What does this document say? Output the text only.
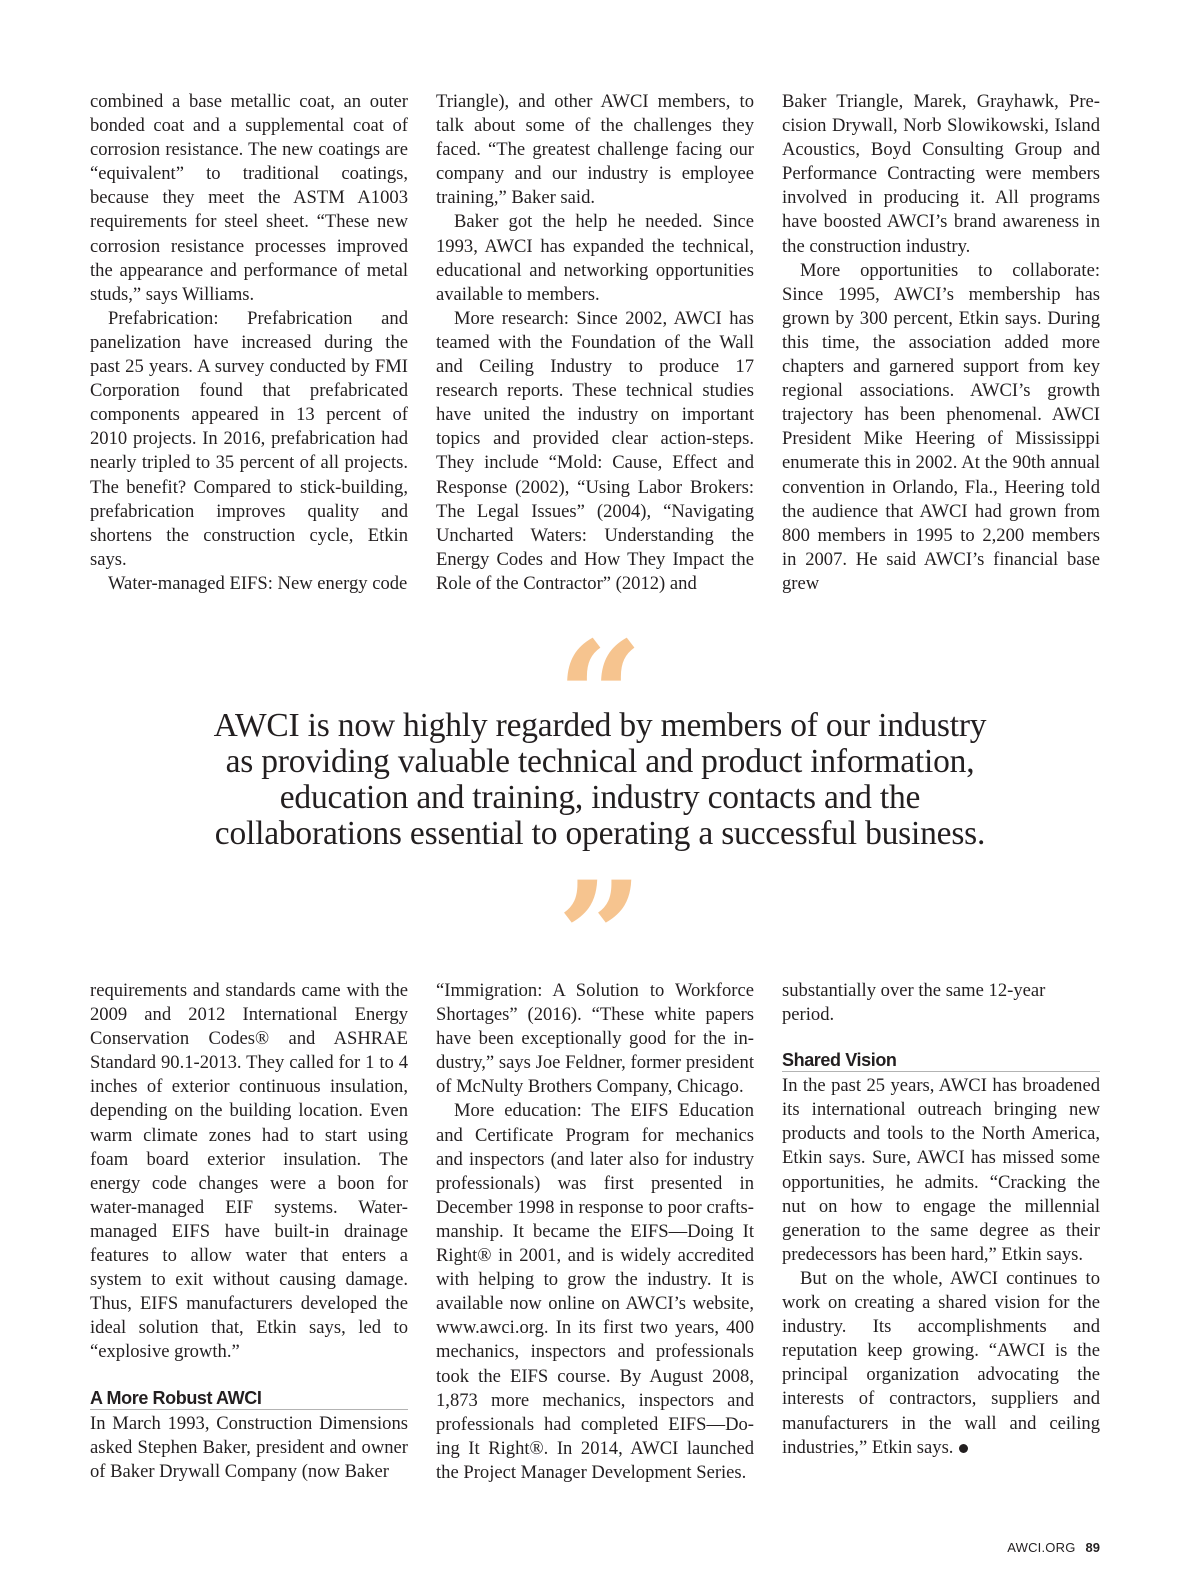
combined a base metallic coat, an outer bonded coat and a supplemental coat of corrosion resistance. The new coatings are “equivalent” to traditional coatings, because they meet the ASTM A1003 requirements for steel sheet. “These new corrosion resistance processes improved the appearance and performance of metal studs,” says Williams.

Prefabrication: Prefabrication and panelization have increased during the past 25 years. A survey conducted by FMI Corporation found that prefabricated components appeared in 13 percent of 2010 projects. In 2016, prefabrication had nearly tripled to 35 percent of all projects. The benefit? Compared to stick-building, prefabrication improves quality and shortens the construction cycle, Etkin says.

Water-managed EIFS: New energy code

Triangle), and other AWCI members, to talk about some of the challenges they faced. “The greatest challenge facing our company and our industry is employee training,” Baker said.

Baker got the help he needed. Since 1993, AWCI has expanded the technical, educational and networking opportunities available to members.

More research: Since 2002, AWCI has teamed with the Foundation of the Wall and Ceiling Industry to produce 17 research reports. These technical studies have united the industry on important topics and provided clear action-steps. They include “Mold: Cause, Effect and Response (2002), “Using Labor Brokers: The Legal Issues” (2004), “Navigating Uncharted Waters: Understanding the Energy Codes and How They Impact the Role of the Contractor” (2012) and

Baker Triangle, Marek, Grayhawk, Precision Drywall, Norb Slowikowski, Island Acoustics, Boyd Consulting Group and Performance Contracting were members involved in producing it. All programs have boosted AWCI’s brand awareness in the construction industry.

More opportunities to collaborate: Since 1995, AWCI’s membership has grown by 300 percent, Etkin says. During this time, the association added more chapters and garnered support from key regional associations. AWCI’s growth trajectory has been phenomenal. AWCI President Mike Heering of Mississippi enumerate this in 2002. At the 90th annual convention in Orlando, Fla., Heering told the audience that AWCI had grown from 800 members in 1995 to 2,200 members in 2007. He said AWCI’s financial base grew

“

AWCI is now highly regarded by members of our industry

as providing valuable technical and product information,

education and training, industry contacts and the

collaborations essential to operating a successful business.

”

requirements and standards came with the 2009 and 2012 International Energy Conservation Codes® and ASHRAE Standard 90.1-2013. They called for 1 to 4 inches of exterior continuous insulation, depending on the building location. Even warm climate zones had to start using foam board exterior insulation. The energy code changes were a boon for water-managed EIF systems. Water-managed EIFS have built-in drainage features to allow water that enters a system to exit without causing damage. Thus, EIFS manufacturers developed the ideal solution that, Etkin says, led to “explosive growth.”

A More Robust AWCI

In March 1993, Construction Dimensions asked Stephen Baker, president and owner of Baker Drywall Company (now Baker

“Immigration: A Solution to Workforce Shortages” (2016). “These white papers have been exceptionally good for the industry,” says Joe Feldner, former president of McNulty Brothers Company, Chicago.

More education: The EIFS Education and Certificate Program for mechanics and inspectors (and later also for industry professionals) was first presented in December 1998 in response to poor craftsmanship. It became the EIFS—Doing It Right® in 2001, and is widely accredited with helping to grow the industry. It is available now online on AWCI’s website, www.awci.org. In its first two years, 400 mechanics, inspectors and professionals took the EIFS course. By August 2008, 1,873 more mechanics, inspectors and professionals had completed EIFS—Doing It Right®. In 2014, AWCI launched the Project Manager Development Series.

substantially over the same 12-year period.

Shared Vision

In the past 25 years, AWCI has broadened its international outreach bringing new products and tools to the North America, Etkin says. Sure, AWCI has missed some opportunities, he admits. “Cracking the nut on how to engage the millennial generation to the same degree as their predecessors has been hard,” Etkin says.

But on the whole, AWCI continues to work on creating a shared vision for the industry. Its accomplishments and reputation keep growing. “AWCI is the principal organization advocating the interests of contractors, suppliers and manufacturers in the wall and ceiling industries,” Etkin says.

AWCI.ORG 89
